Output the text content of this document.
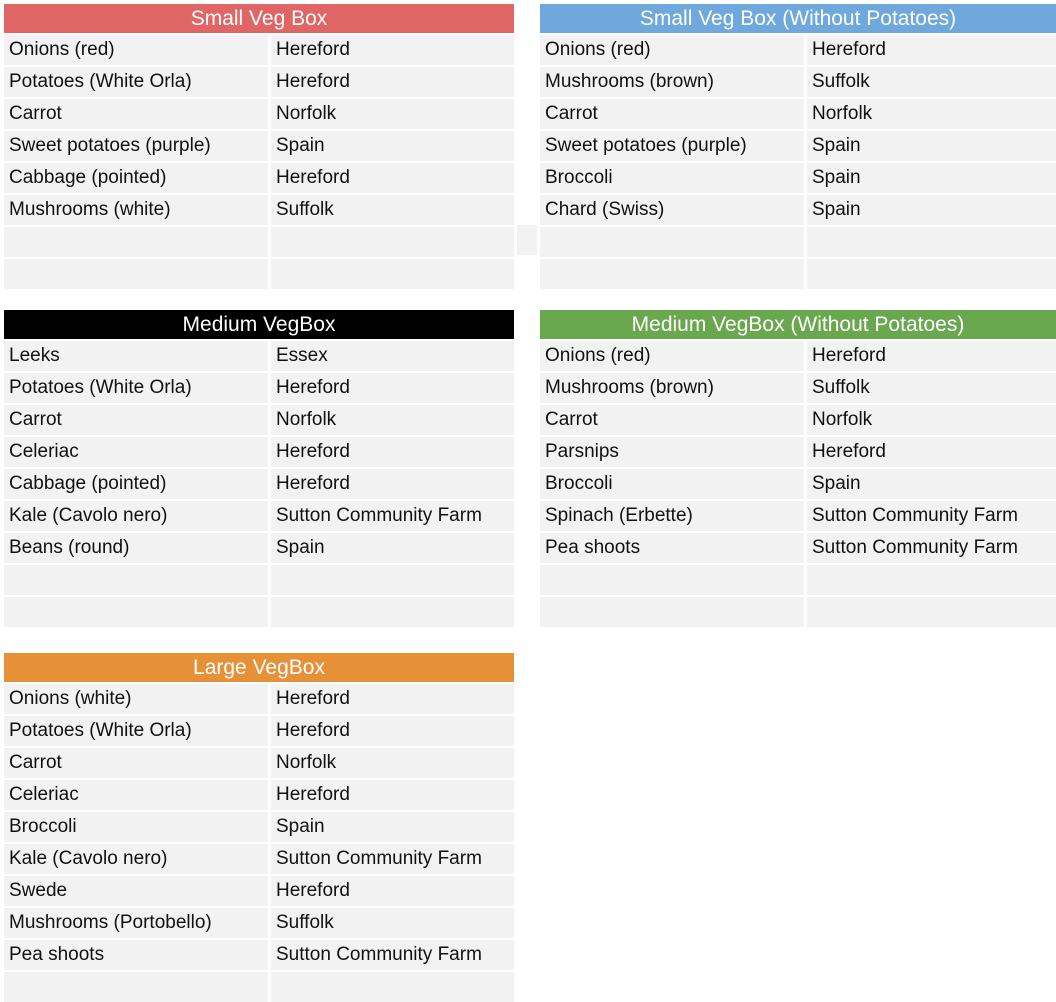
Small Veg Box
Onions (red)	Hereford
Potatoes (White Orla)	Hereford
Carrot	Norfolk
Sweet potatoes (purple)	Spain
Cabbage (pointed)	Hereford
Mushrooms (white)	Suffolk
Small Veg Box (Without Potatoes)
Onions (red)	Hereford
Mushrooms (brown)	Suffolk
Carrot	Norfolk
Sweet potatoes (purple)	Spain
Broccoli	Spain
Chard (Swiss)	Spain
Medium VegBox
Leeks	Essex
Potatoes (White Orla)	Hereford
Carrot	Norfolk
Celeriac	Hereford
Cabbage (pointed)	Hereford
Kale (Cavolo nero)	Sutton Community Farm
Beans (round)	Spain
Medium VegBox (Without Potatoes)
Onions (red)	Hereford
Mushrooms (brown)	Suffolk
Carrot	Norfolk
Parsnips	Hereford
Broccoli	Spain
Spinach (Erbette)	Sutton Community Farm
Pea shoots	Sutton Community Farm
Large VegBox
Onions (white)	Hereford
Potatoes (White Orla)	Hereford
Carrot	Norfolk
Celeriac	Hereford
Broccoli	Spain
Kale (Cavolo nero)	Sutton Community Farm
Swede	Hereford
Mushrooms (Portobello)	Suffolk
Pea shoots	Sutton Community Farm
